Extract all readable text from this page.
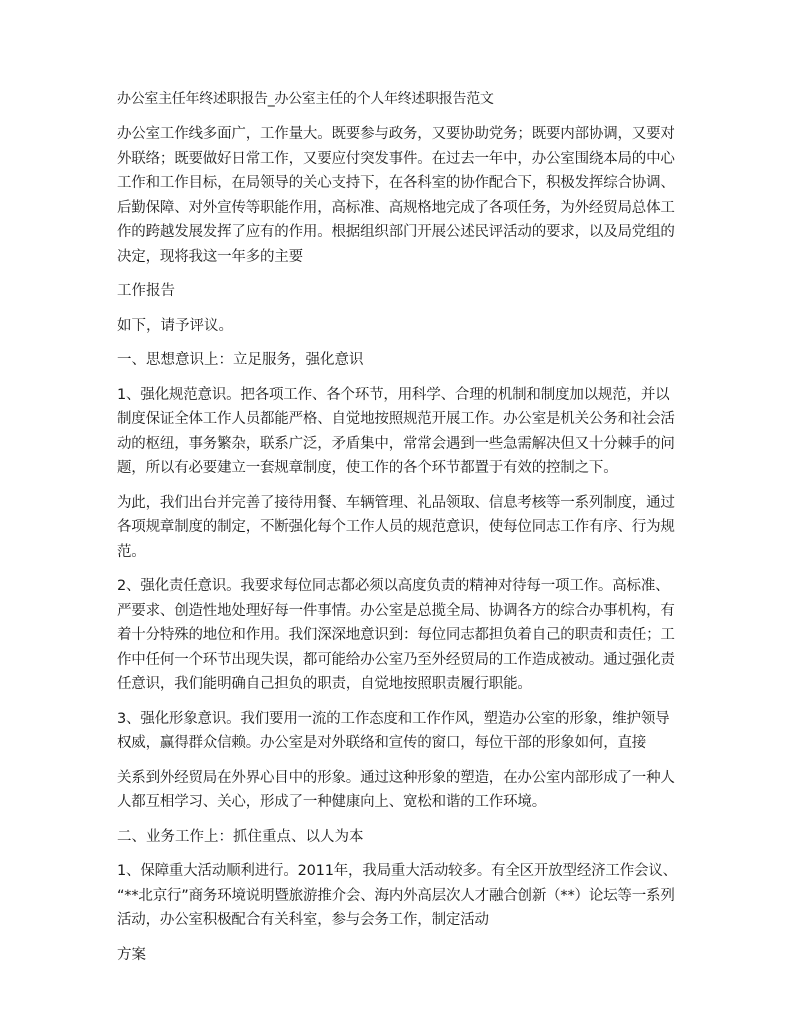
办公室主任年终述职报告_办公室主任的个人年终述职报告范文
办公室工作线多面广，工作量大。既要参与政务，又要协助党务；既要内部协调，又要对
外联络；既要做好日常工作，又要应付突发事件。在过去一年中，办公室围绕本局的中心
工作和工作目标，在局领导的关心支持下，在各科室的协作配合下，积极发挥综合协调、
后勤保障、对外宣传等职能作用，高标准、高规格地完成了各项任务，为外经贸局总体工
作的跨越发展发挥了应有的作用。根据组织部门开展公述民评活动的要求，以及局党组的
决定，现将我这一年多的主要
工作报告
如下，请予评议。
一、思想意识上：立足服务，强化意识
1、强化规范意识。把各项工作、各个环节，用科学、合理的机制和制度加以规范，并以
制度保证全体工作人员都能严格、自觉地按照规范开展工作。办公室是机关公务和社会活
动的枢纽，事务繁杂，联系广泛，矛盾集中，常常会遇到一些急需解决但又十分棘手的问
题，所以有必要建立一套规章制度，使工作的各个环节都置于有效的控制之下。
为此，我们出台并完善了接待用餐、车辆管理、礼品领取、信息考核等一系列制度，通过
各项规章制度的制定，不断强化每个工作人员的规范意识，使每位同志工作有序、行为规
范。
2、强化责任意识。我要求每位同志都必须以高度负责的精神对待每一项工作。高标准、
严要求、创造性地处理好每一件事情。办公室是总揽全局、协调各方的综合办事机构，有
着十分特殊的地位和作用。我们深深地意识到：每位同志都担负着自己的职责和责任；工
作中任何一个环节出现失误，都可能给办公室乃至外经贸局的工作造成被动。通过强化责
任意识，我们能明确自己担负的职责，自觉地按照职责履行职能。
3、强化形象意识。我们要用一流的工作态度和工作作风，塑造办公室的形象，维护领导
权威，赢得群众信赖。办公室是对外联络和宣传的窗口，每位干部的形象如何，直接
关系到外经贸局在外界心目中的形象。通过这种形象的塑造，在办公室内部形成了一种人
人都互相学习、关心，形成了一种健康向上、宽松和谐的工作环境。
二、业务工作上：抓住重点、以人为本
1、保障重大活动顺利进行。2011年，我局重大活动较多。有全区开放型经济工作会议、
“**北京行”商务环境说明暨旅游推介会、海内外高层次人才融合创新（**）论坛等一系列
活动，办公室积极配合有关科室，参与会务工作，制定活动
方案
